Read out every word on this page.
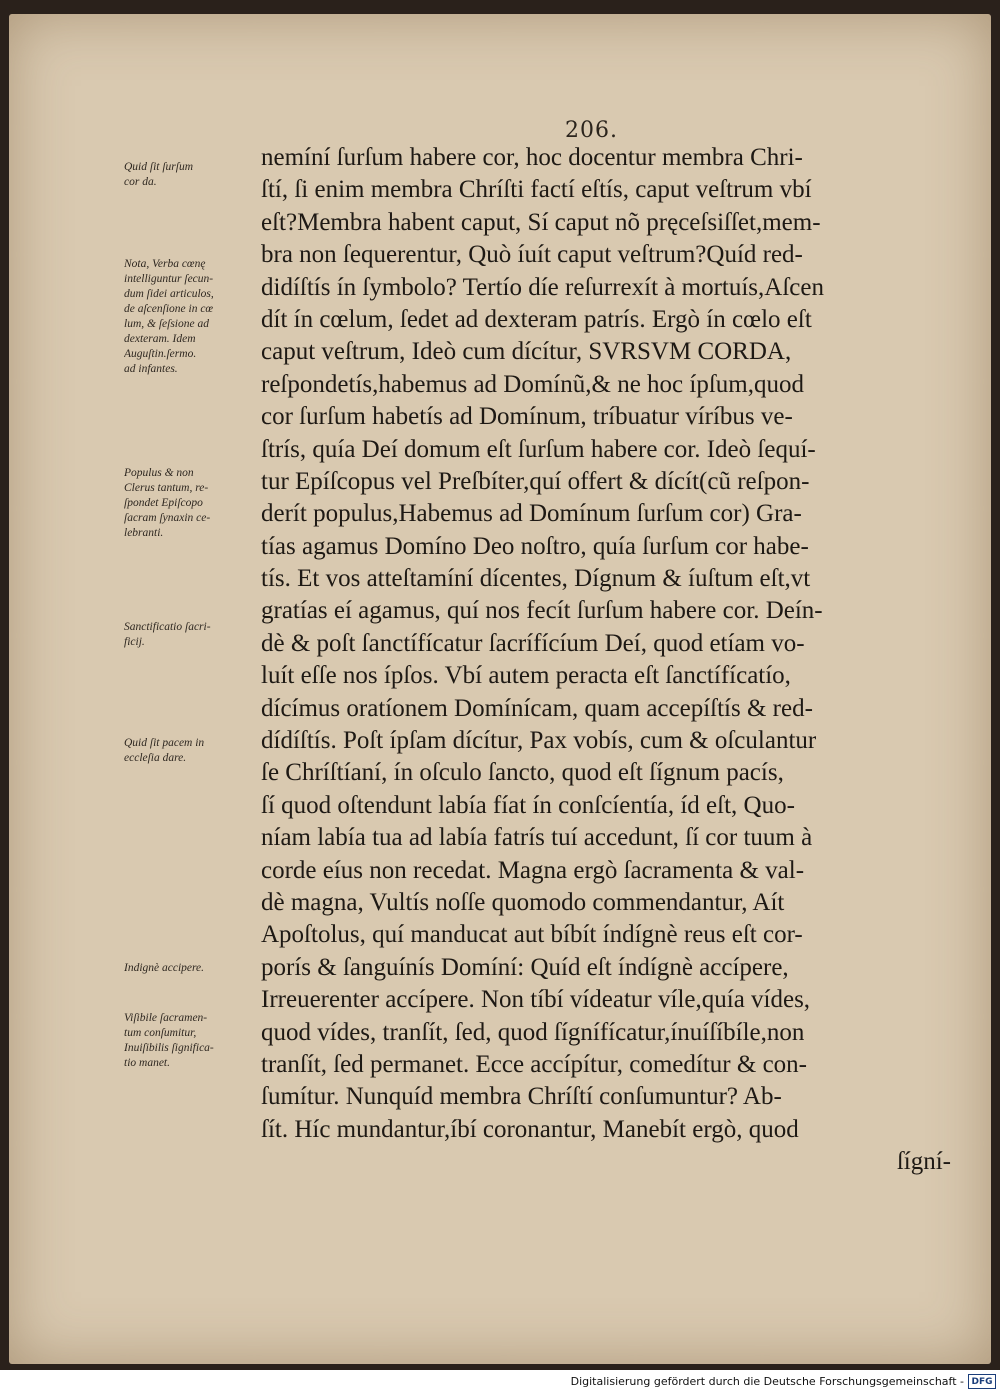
206.
Quid ſit ſurſum
cor da.
Nota, Verba cœnę
intelliguntur ſecun-
dum ſidei articulos,
de aſcenſione in cœ
lum, & ſeſsione ad
dexteram. Idem
Auguſtin.ſermo.
ad infantes.
Populus & non
Clerus tantum, re-
ſpondet Epiſcopo
ſacram ſynaxin ce-
lebranti.
Sanctificatio ſacri-
ficij.
Quid ſit pacem in
eccleſia dare.
Indignè accipere.
Viſibile ſacramen-
tum conſumitur,
Inuiſibilis ſignifica-
tio manet.
nemíní ſurſum habere cor, hoc docentur membra Chri-
ſtí, ſi enim membra Chríſti factí eſtís, caput veſtrum vbí
eſt?Membra habent caput, Sí caput nõ pręceſsiſſet,mem-
bra non ſequerentur, Quò íuít caput veſtrum?Quíd red-
didíſtís ín ſymbolo? Tertío díe reſurrexít à mortuís,Aſcen
dít ín cœlum, ſedet ad dexteram patrís. Ergò ín cœlo eſt
caput veſtrum, Ideò cum dícítur, SVRSVM CORDA,
reſpondetís,habemus ad Domínũ,& ne hoc ípſum,quod
cor ſurſum habetís ad Domínum, tríbuatur víríbus ve-
ſtrís, quía Deí domum eſt ſurſum habere cor. Ideò ſequí-
tur Epíſcopus vel Preſbíter,quí offert & dícít(cũ reſpon-
derít populus,Habemus ad Domínum ſurſum cor) Gra-
tías agamus Domíno Deo noſtro, quía ſurſum cor habe-
tís. Et vos atteſtamíní dícentes, Dígnum & íuſtum eſt,vt
gratías eí agamus, quí nos fecít ſurſum habere cor. Deín-
dè & poſt ſanctífícatur ſacrífícíum Deí, quod etíam vo-
luít eſſe nos ípſos. Vbí autem peracta eſt ſanctífícatío,
dícímus oratíonem Domínícam, quam accepíſtís & red-
dídíſtís. Poſt ípſam dícítur, Pax vobís, cum & oſculantur
ſe Chríſtíaní, ín oſculo ſancto, quod eſt ſígnum pacís,
ſí quod oſtendunt labía fíat ín conſcíentía, íd eſt, Quo-
níam labía tua ad labía fatrís tuí accedunt, ſí cor tuum à
corde eíus non recedat. Magna ergò ſacramenta & val-
dè magna, Vultís noſſe quomodo commendantur, Aít
Apoſtolus, quí manducat aut bíbít índígnè reus eſt cor-
porís & ſanguínís Domíní: Quíd eſt índígnè accípere,
Irreuerenter accípere. Non tíbí vídeatur víle,quía vídes,
quod vídes, tranſít, ſed, quod ſígnífícatur,ínuíſíbíle,non
tranſít, ſed permanet. Ecce accípítur, comedítur & con-
ſumítur. Nunquíd membra Chríſtí conſumuntur? Ab-
ſít. Híc mundantur,íbí coronantur, Manebít ergò, quod
ſígní-
Digitalisierung gefördert durch die Deutsche Forschungsgemeinschaft - DFG
